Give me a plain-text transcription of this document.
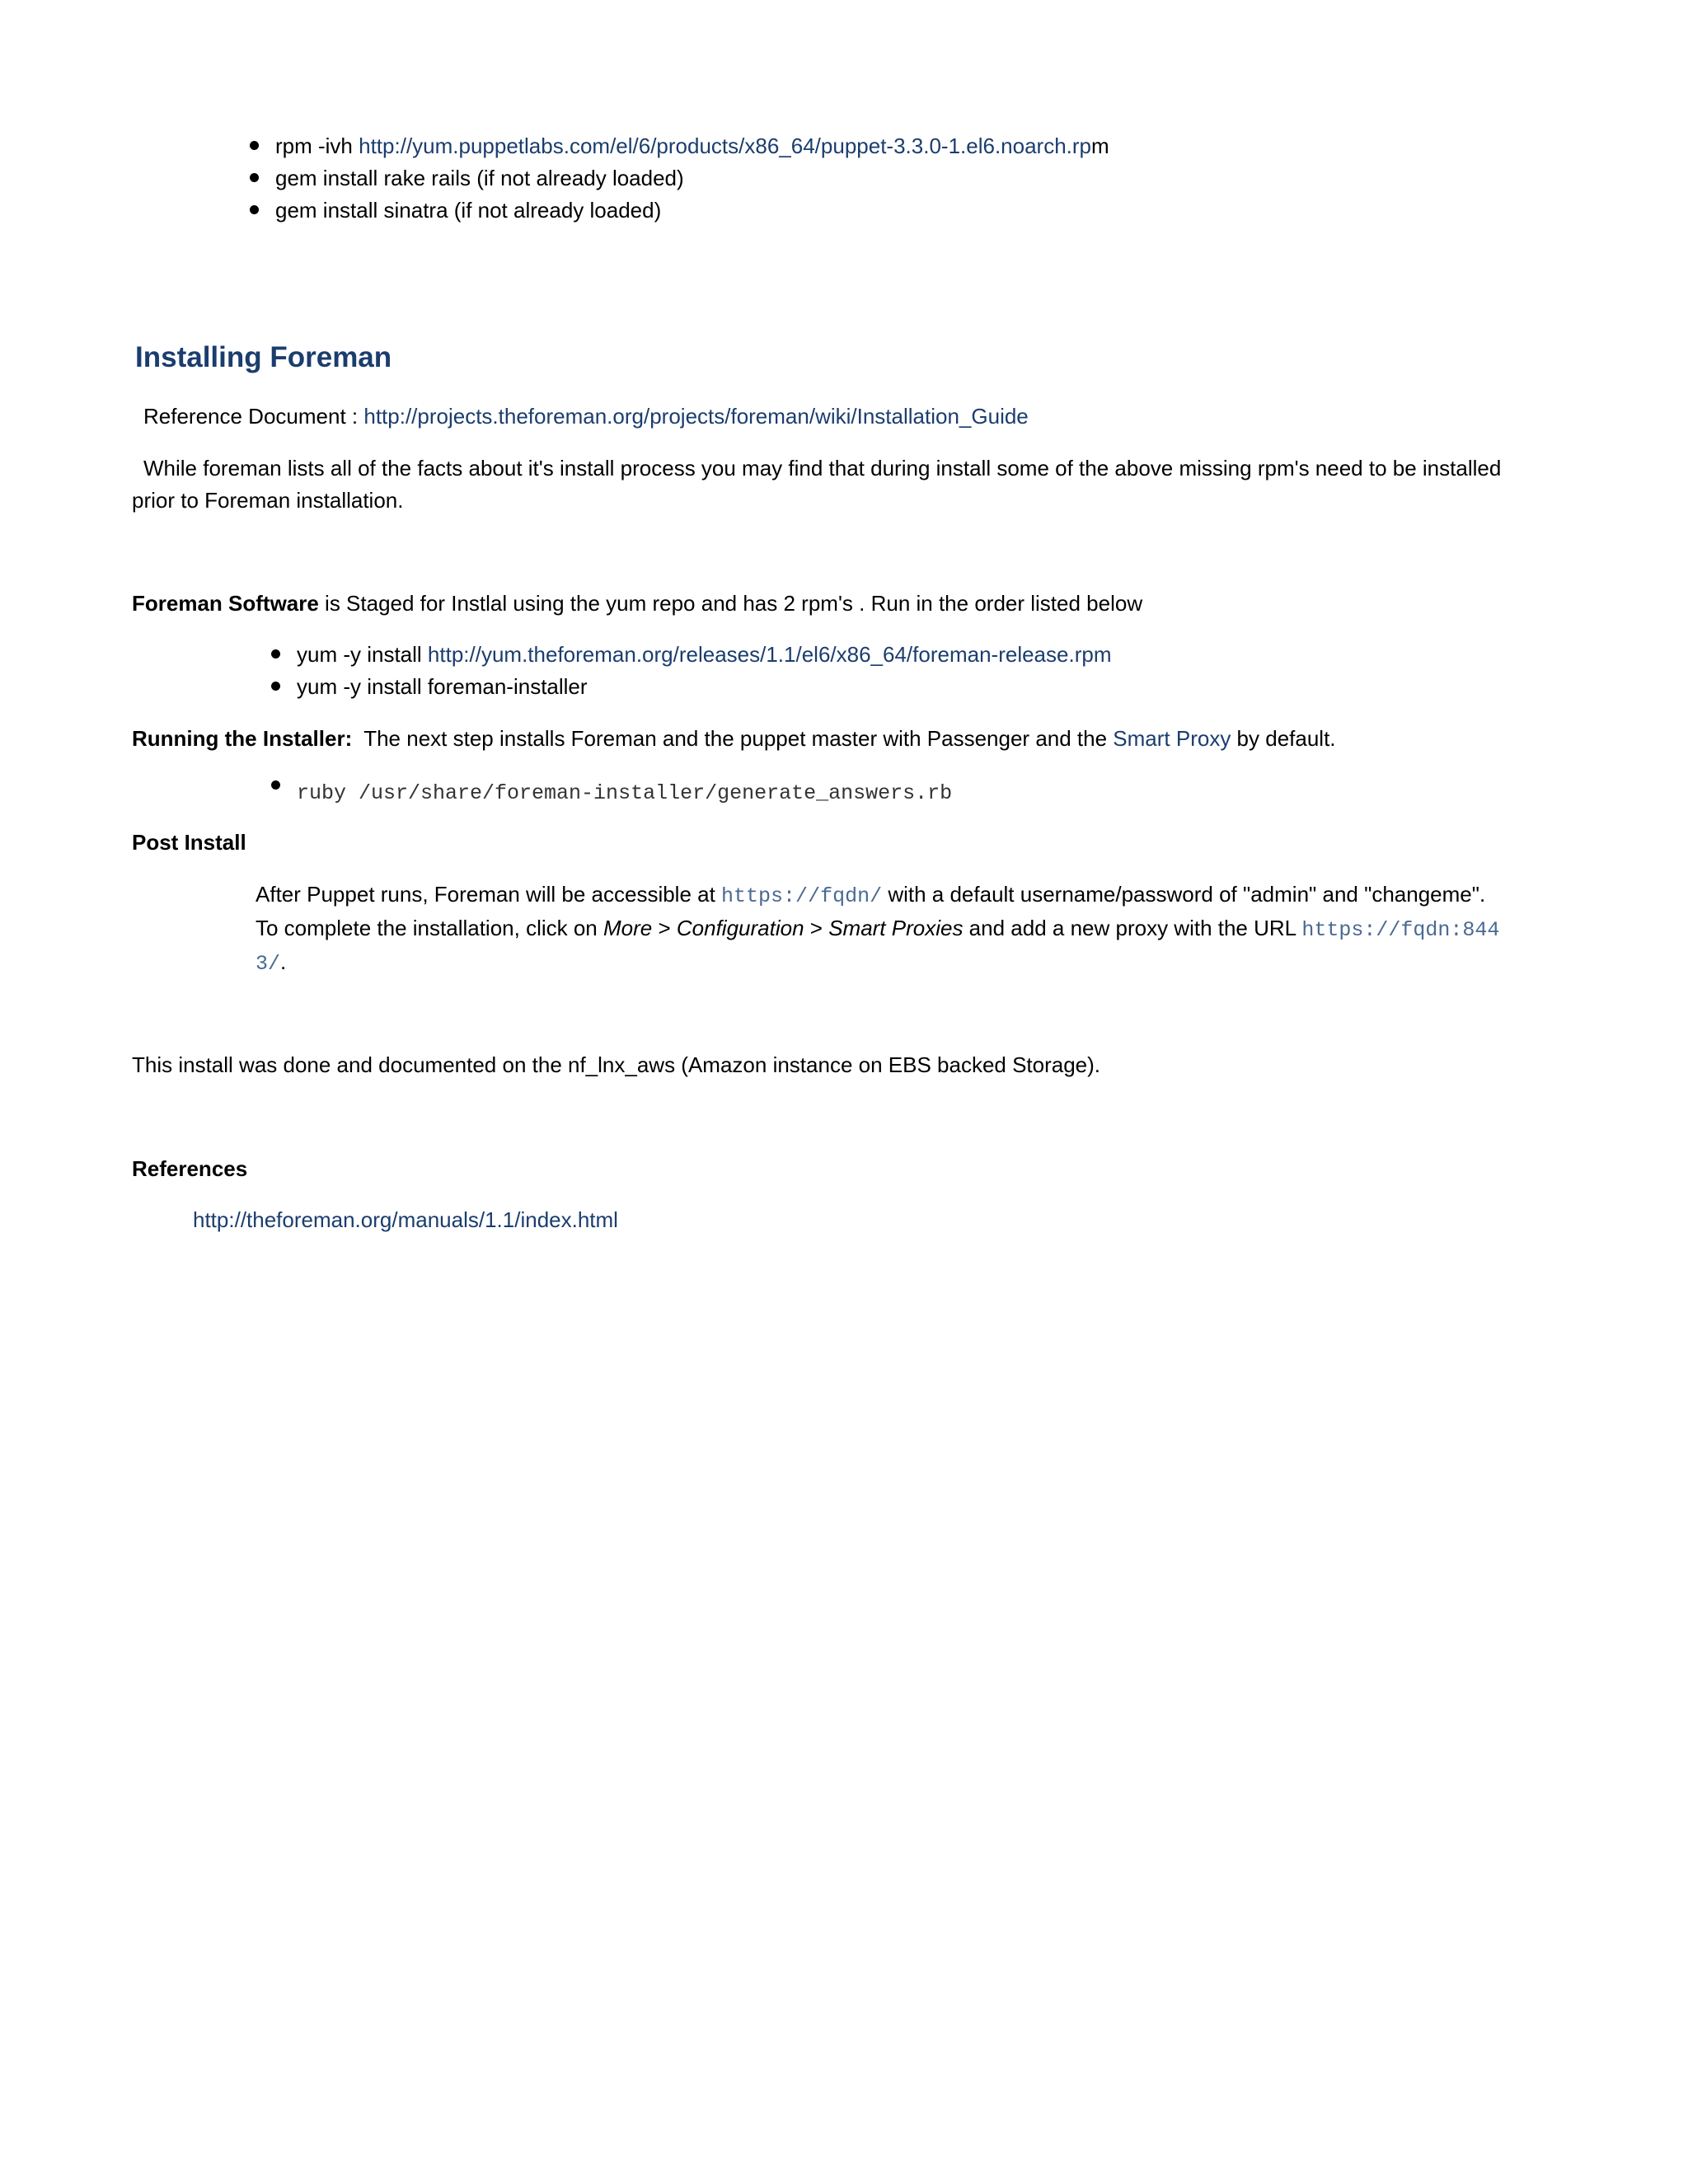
rpm -ivh http://yum.puppetlabs.com/el/6/products/x86_64/puppet-3.3.0-1.el6.noarch.rpm
gem install rake rails (if not already loaded)
gem install sinatra (if not already loaded)
Installing Foreman

Reference Document : http://projects.theforeman.org/projects/foreman/wiki/Installation_Guide

While foreman lists all of the facts about it's install process you may find that during install some of the above missing rpm's need to be installed
prior to Foreman installation.

Foreman Software is Staged for Instlal using the yum repo and has 2 rpm's . Run in the order listed below

yum -y install http://yum.theforeman.org/releases/1.1/el6/x86_64/foreman-release.rpm
yum -y install foreman-installer

Running the Installer:  The next step installs Foreman and the puppet master with Passenger and the Smart Proxy by default.

ruby /usr/share/foreman-installer/generate_answers.rb

Post Install

After Puppet runs, Foreman will be accessible at https://fqdn/ with a default username/password of "admin" and "changeme".
To complete the installation, click on More > Configuration > Smart Proxies and add a new proxy with the URL https://fqdn:844
3/.

This install was done and documented on the nf_lnx_aws (Amazon instance on EBS backed Storage).

References

http://theforeman.org/manuals/1.1/index.html
